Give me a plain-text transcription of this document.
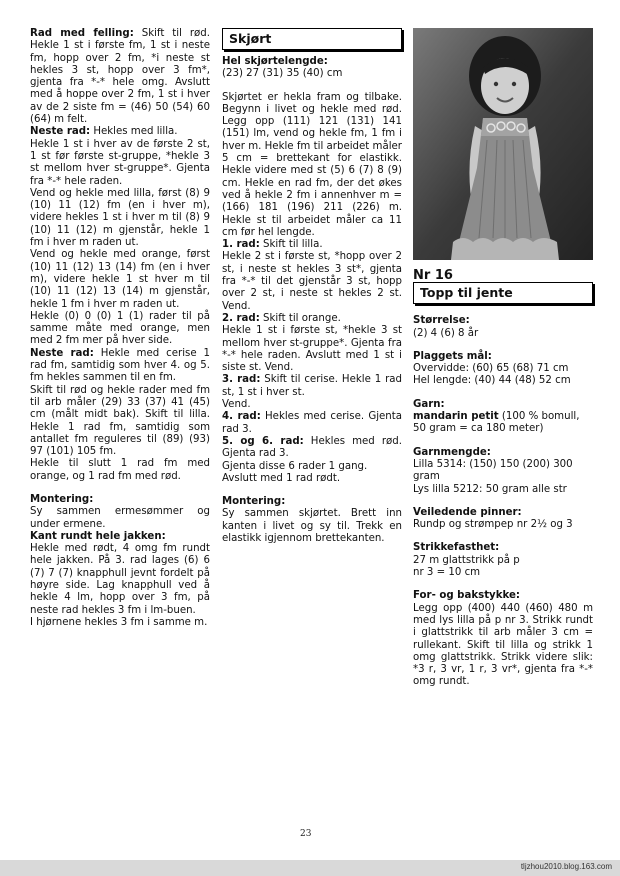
Rad med felling: Skift til rød. Hekle 1 st i første fm, 1 st i neste fm, hopp over 2 fm, *i neste st hekles 3 st, hopp over 3 fm*, gjenta fra *-* hele omg. Avslutt med å hoppe over 2 fm, 1 st i hver av de 2 siste fm = (46) 50 (54) 60 (64) m felt.

Neste rad: Hekles med lilla.

Hekle 1 st i hver av de første 2 st, 1 st før første st-gruppe, *hekle 3 st mellom hver st-gruppe*. Gjenta fra *-* hele raden.

Vend og hekle med lilla, først (8) 9 (10) 11 (12) fm (en i hver m), videre hekles 1 st i hver m til (8) 9 (10) 11 (12) m gjenstår, hekle 1 fm i hver m raden ut.

Vend og hekle med orange, først (10) 11 (12) 13 (14) fm (en i hver m), videre hekle 1 st hver m til (10) 11 (12) 13 (14) m gjenstår, hekle 1 fm i hver m raden ut.

Hekle (0) 0 (0) 1 (1) rader til på samme måte med orange, men med 2 fm mer på hver side.

Neste rad: Hekle med cerise 1 rad fm, samtidig som hver 4. og 5. fm hekles sammen til en fm.

Skift til rød og hekle rader med fm til arb måler (29) 33 (37) 41 (45) cm (målt midt bak). Skift til lilla. Hekle 1 rad fm, samtidig som antallet fm reguleres til (89) (93) 97 (101) 105 fm.

Hekle til slutt 1 rad fm med orange, og 1 rad fm med rød.

Montering:

Sy sammen ermesømmer og under ermene.

Kant rundt hele jakken:

Hekle med rødt, 4 omg fm rundt hele jakken. På 3. rad lages (6) 6 (7) 7 (7) knapphull jevnt fordelt på høyre side. Lag knapphull ved å hekle 4 lm, hopp over 3 fm, på neste rad hekles 3 fm i lm-buen.

I hjørnene hekles 3 fm i samme m.

Skjørt

Hel skjørtelengde:

(23) 27 (31) 35 (40) cm

Skjørtet er hekla fram og tilbake. Begynn i livet og hekle med rød. Legg opp (111) 121 (131) 141 (151) lm, vend og hekle fm, 1 fm i hver m. Hekle fm til arbeidet måler 5 cm = brettekant for elastikk. Hekle videre med st (5) 6 (7) 8 (9) cm. Hekle en rad fm, der det økes ved å hekle 2 fm i annenhver m = (166) 181 (196) 211 (226) m. Hekle st til arbeidet måler ca 11 cm før hel lengde.

1. rad: Skift til lilla.

Hekle 2 st i første st, *hopp over 2 st, i neste st hekles 3 st*, gjenta fra *-* til det gjenstår 3 st, hopp over 2 st, i neste st hekles 2 st. Vend.

2. rad: Skift til orange.

Hekle 1 st i første st, *hekle 3 st mellom hver st-gruppe*. Gjenta fra *-* hele raden. Avslutt med 1 st i siste st. Vend.

3. rad: Skift til cerise. Hekle 1 rad st, 1 st i hver st.

Vend.

4. rad: Hekles med cerise. Gjenta rad 3.

5. og 6. rad: Hekles med rød. Gjenta rad 3.

Gjenta disse 6 rader 1 gang. Avslutt med 1 rad rødt.

Montering:

Sy sammen skjørtet. Brett inn kanten i livet og sy til. Trekk en elastikk igjennom brettekanten.

Nr 16

Topp til jente

Størrelse:

(2) 4 (6) 8 år

Plaggets mål:

Overvidde: (60) 65 (68) 71 cm

Hel lengde: (40) 44 (48) 52 cm

Garn:

mandarin petit (100 % bomull, 50 gram = ca 180 meter)

Garnmengde:

Lilla 5314: (150) 150 (200) 300 gram

Lys lilla 5212: 50 gram alle str

Veiledende pinner:

Rundp og strømpep nr 2½ og 3

Strikkefasthet:

27 m glattstrikk på p

nr 3 = 10 cm

For- og bakstykke:

Legg opp (400) 440 (460) 480 m med lys lilla på p nr 3. Strikk rundt i glattstrikk til arb måler 3 cm = rullekant. Skift til lilla og strikk 1 omg glattstrikk. Strikk videre slik: *3 r, 3 vr, 1 r, 3 vr*, gjenta fra *-* omg rundt.

23
tljzhou2010.blog.163.com
